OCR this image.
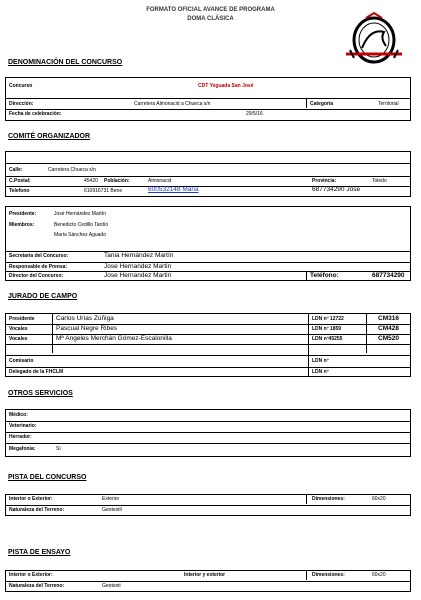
FORMATO OFICIAL AVANCE DE PROGRAMA
DOMA CLÁSICA
DENOMINACIÓN DEL CONCURSO
Concurso	CDT Yeguada San José
Dirección:	Carretera Almonacid a Chueca s/n	Categoría	Territorial
Fecha de celebración:	29/5/16
COMITÉ ORGANIZADOR
Calle:	Carretera Chueca s/n
C.Postal:	45420 Población:	Almonacid	Provincia:	Toledo
Telefono	610916731 Bene	600532148 Maria	687734290 Jose
Presidente:	José Hernández Martín
Miembros:	Benedicto Cedillo Tardío
María Sánchez Aguado
Secretaría del Concurso:	Tania Hernández Martín
Responsable de Prensa:	Jose Hernandez Martin
Director del Concurso:	Jose Hernandez Martin	Teléfono:	687734290
JURADO DE CAMPO
Presidente	Carlos Urías Zúñiga	LDN nº 12722	CM316
Vocales	Pascual Negre Ribes	LDN nº 1859	CM428
Vocales	Mª Angeles Merchán Gómez-Escalonilla	LDN nº45255	CM520
Comisario	LDN nº
Delegado de la FHCLM	LDN nº
OTROS SERVICIOS
Médico:
Veterinario:
Herrador:
Megafonía:	Sí
PISTA DEL CONCURSO
Interior o Exterior:	Exterior	Dimensiones:	60x20
Naturaleza del Terreno:	Geotextil
PISTA DE ENSAYO
Interior o Exterior:	Interior y exterior	Dimensiones:	60x20
Naturaleza del Terreno:	Geotexti
